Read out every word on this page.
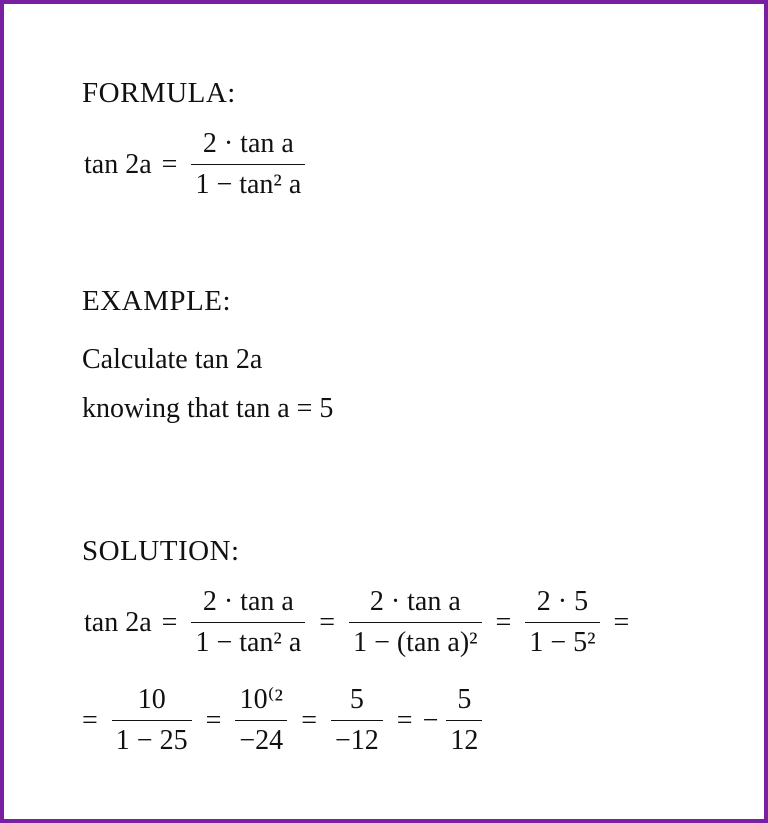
FORMULA:
$\tan 2a = \frac{\text{2 · tan a}}{\text{1 − tan² a}}$
EXAMPLE:
Calculate tan 2a
knowing that tan a = 5
SOLUTION:
$\tan 2a = \frac{\text{2 · tan a}}{\text{1 − tan² a}} = \frac{\text{2 · tan a}}{\text{1 − (tan a)²}} = \frac{2 \cdot 5}{\text{1 − 5²}}$ =
= $\frac{10}{1 - 25} = \frac{\text{10⁽²}}{-24} = \frac{5}{-12}$ = − $\frac{5}{12}$
